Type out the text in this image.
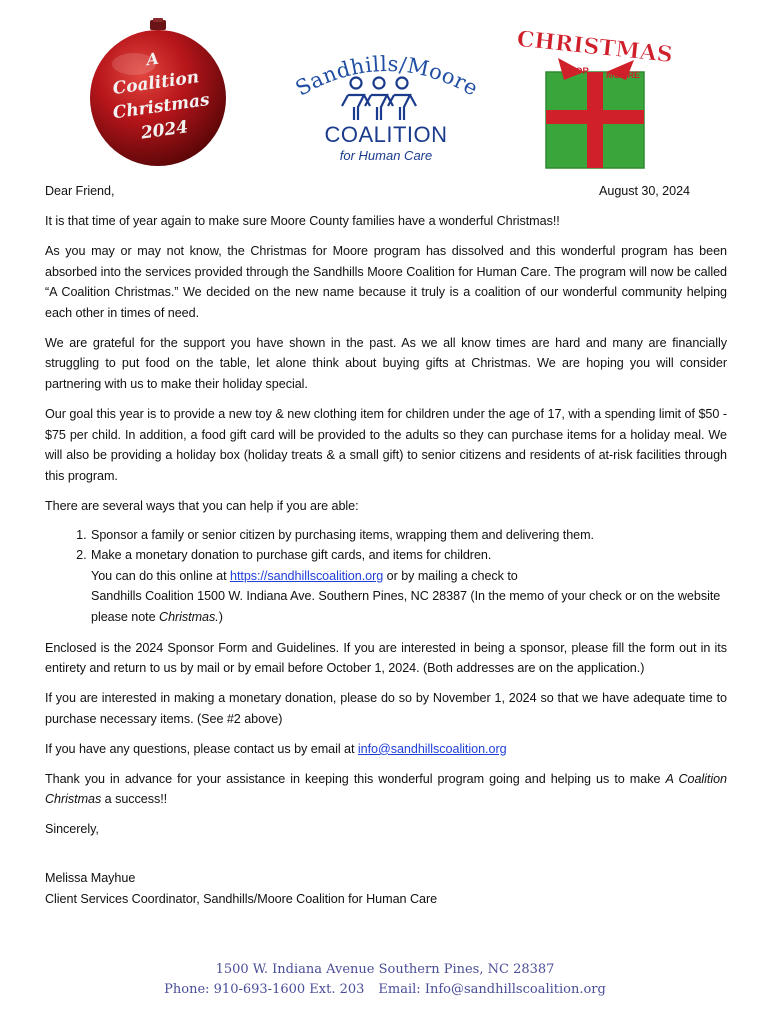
A
Coalition
Christmas
2024
Sandhills/Moore
COALITION
for Human Care
CHRISTMAS
FOR MOORE

Dear Friend,	August 30, 2024

It is that time of year again to make sure Moore County families have a wonderful Christmas!!

As you may or may not know, the Christmas for Moore program has dissolved and this wonderful program has been absorbed into the services provided through the Sandhills Moore Coalition for Human Care. The program will now be called “A Coalition Christmas.” We decided on the new name because it truly is a coalition of our wonderful community helping each other in times of need.

We are grateful for the support you have shown in the past. As we all know times are hard and many are financially struggling to put food on the table, let alone think about buying gifts at Christmas. We are hoping you will consider partnering with us to make their holiday special.

Our goal this year is to provide a new toy & new clothing item for children under the age of 17, with a spending limit of $50 - $75 per child. In addition, a food gift card will be provided to the adults so they can purchase items for a holiday meal. We will also be providing a holiday box (holiday treats & a small gift) to senior citizens and residents of at-risk facilities through this program.

There are several ways that you can help if you are able:

1. Sponsor a family or senior citizen by purchasing items, wrapping them and delivering them.
2. Make a monetary donation to purchase gift cards, and items for children.
You can do this online at https://sandhillscoalition.org or by mailing a check to
Sandhills Coalition 1500 W. Indiana Ave. Southern Pines, NC 28387 (In the memo of your check or on the website please note Christmas.)

Enclosed is the 2024 Sponsor Form and Guidelines. If you are interested in being a sponsor, please fill the form out in its entirety and return to us by mail or by email before October 1, 2024. (Both addresses are on the application.)

If you are interested in making a monetary donation, please do so by November 1, 2024 so that we have adequate time to purchase necessary items. (See #2 above)

If you have any questions, please contact us by email at info@sandhillscoalition.org

Thank you in advance for your assistance in keeping this wonderful program going and helping us to make A Coalition Christmas a success!!

Sincerely,

Melissa Mayhue
Client Services Coordinator, Sandhills/Moore Coalition for Human Care
1500 W. Indiana Avenue Southern Pines, NC 28387
Phone: 910-693-1600 Ext. 203 Email: Info@sandhillscoalition.org
